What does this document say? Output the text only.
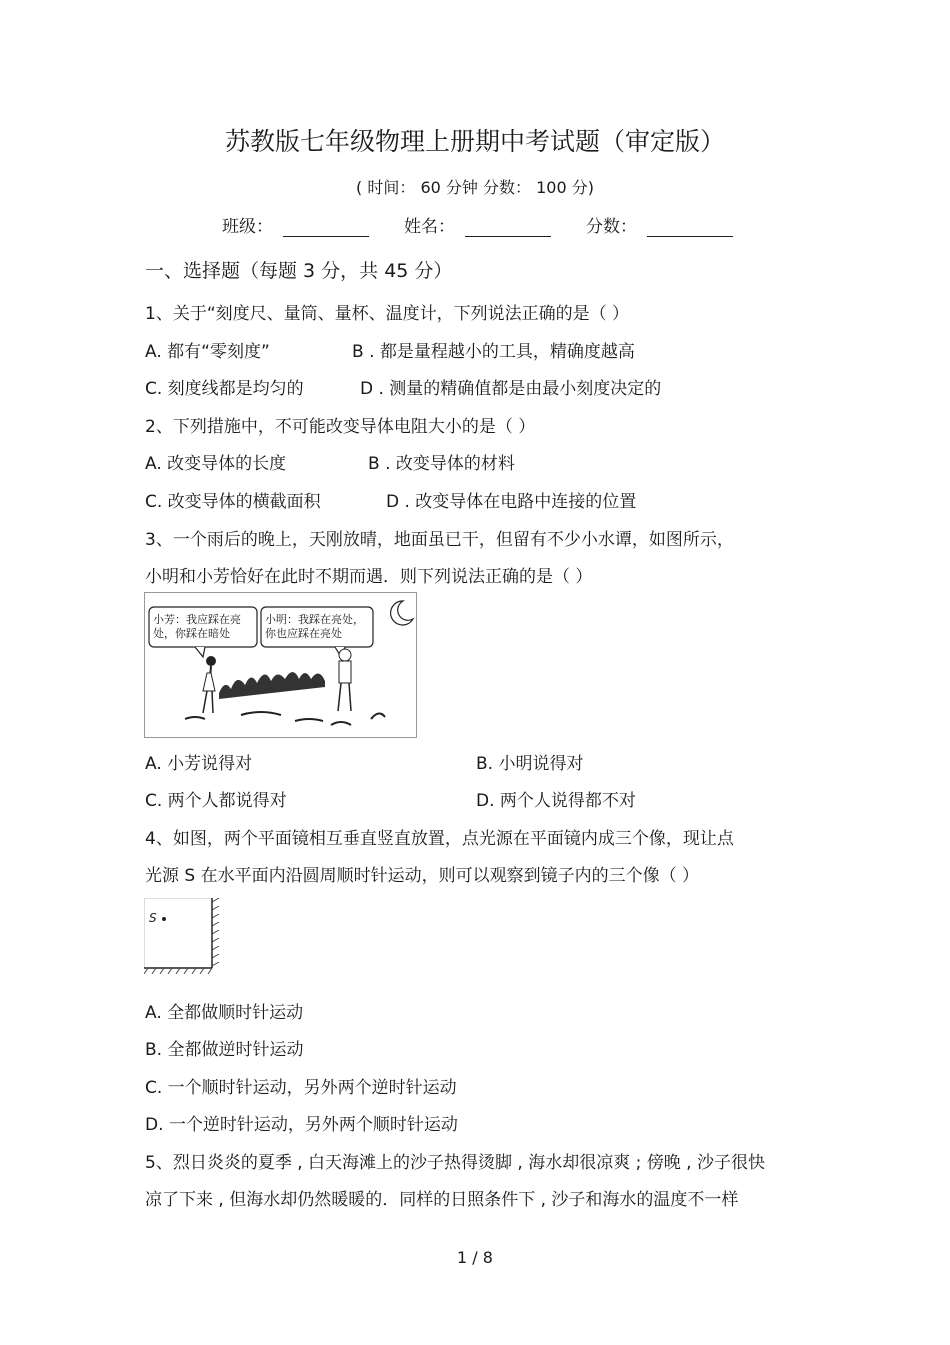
苏教版七年级物理上册期中考试题（审定版）
( 时间： 60 分钟 分数： 100 分)
班级：	姓名：	分数：
一、选择题（每题 3 分，共 45 分）
1、关于“刻度尺、量筒、量杯、温度计，下列说法正确的是（ ）
A. 都有“零刻度”	B . 都是量程越小的工具，精确度越高
C. 刻度线都是均匀的	D . 测量的精确值都是由最小刻度决定的
2、下列措施中，不可能改变导体电阻大小的是（ ）
A. 改变导体的长度	B . 改变导体的材料
C. 改变导体的横截面积	D . 改变导体在电路中连接的位置
3、一个雨后的晚上，天刚放晴，地面虽已干，但留有不少小水谭，如图所示，
小明和小芳恰好在此时不期而遇．则下列说法正确的是（ ）
小芳：我应踩在亮处，你踩在暗处
小明：我踩在亮处，你也应踩在亮处
A. 小芳说得对	B. 小明说得对
C. 两个人都说得对	D. 两个人说得都不对
4、如图，两个平面镜相互垂直竖直放置，点光源在平面镜内成三个像，现让点
光源 S 在水平面内沿圆周顺时针运动，则可以观察到镜子内的三个像（ ）
S
A. 全都做顺时针运动
B. 全都做逆时针运动
C. 一个顺时针运动，另外两个逆时针运动
D. 一个逆时针运动，另外两个顺时针运动
5、烈日炎炎的夏季 , 白天海滩上的沙子热得烫脚 , 海水却很凉爽 ; 傍晚 , 沙子很快
凉了下来 , 但海水却仍然暖暖的．同样的日照条件下 , 沙子和海水的温度不一样
1 / 8
